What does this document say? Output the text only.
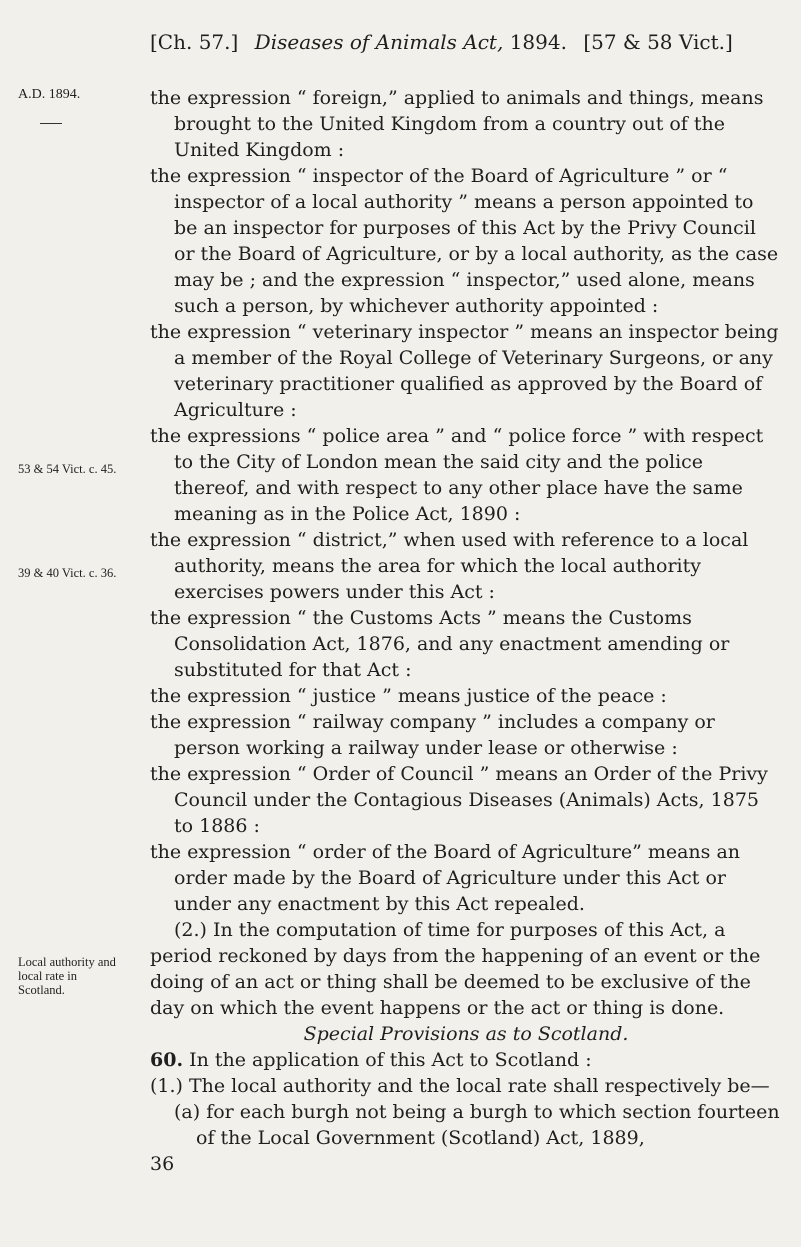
[Ch. 57.] Diseases of Animals Act, 1894. [57 & 58 Vict.]
A.D. 1894.
53 & 54 Vict. c. 45.
39 & 40 Vict. c. 36.
Local authority and local rate in Scotland.

the expression “ foreign,” applied to animals and things, means brought to the United Kingdom from a country out of the United Kingdom :

the expression “ inspector of the Board of Agriculture ” or “ inspector of a local authority ” means a person appointed to be an inspector for purposes of this Act by the Privy Council or the Board of Agriculture, or by a local authority, as the case may be ; and the expression “ inspector,” used alone, means such a person, by whichever authority appointed :

the expression “ veterinary inspector ” means an inspector being a member of the Royal College of Veterinary Surgeons, or any veterinary practitioner qualified as approved by the Board of Agriculture :

the expressions “ police area ” and “ police force ” with respect to the City of London mean the said city and the police thereof, and with respect to any other place have the same meaning as in the Police Act, 1890 :

the expression “ district,” when used with reference to a local authority, means the area for which the local authority exercises powers under this Act :

the expression “ the Customs Acts ” means the Customs Consolidation Act, 1876, and any enactment amending or substituted for that Act :

the expression “ justice ” means justice of the peace :

the expression “ railway company ” includes a company or person working a railway under lease or otherwise :

the expression “ Order of Council ” means an Order of the Privy Council under the Contagious Diseases (Animals) Acts, 1875 to 1886 :

the expression “ order of the Board of Agriculture” means an order made by the Board of Agriculture under this Act or under any enactment by this Act repealed.

(2.) In the computation of time for purposes of this Act, a period reckoned by days from the happening of an event or the doing of an act or thing shall be deemed to be exclusive of the day on which the event happens or the act or thing is done.

Special Provisions as to Scotland.

60. In the application of this Act to Scotland :

(1.) The local authority and the local rate shall respectively be—

(a) for each burgh not being a burgh to which section fourteen of the Local Government (Scotland) Act, 1889,

36
